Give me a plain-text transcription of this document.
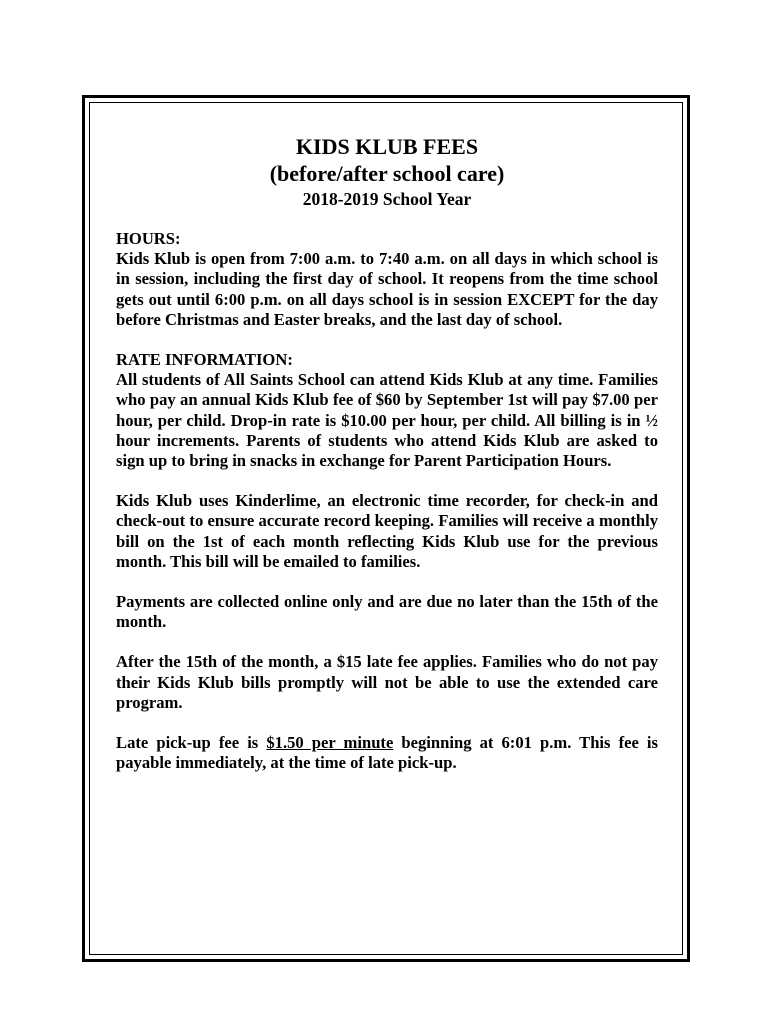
KIDS KLUB FEES

(before/after school care)

2018-2019 School Year

HOURS:

Kids Klub is open from 7:00 a.m. to 7:40 a.m. on all days in which school is in session, including the first day of school. It reopens from the time school gets out until 6:00 p.m. on all days school is in session EXCEPT for the day before Christmas and Easter breaks, and the last day of school.

RATE INFORMATION:

All students of All Saints School can attend Kids Klub at any time. Families who pay an annual Kids Klub fee of $60 by September 1st will pay $7.00 per hour, per child. Drop-in rate is $10.00 per hour, per child. All billing is in ½ hour increments. Parents of students who attend Kids Klub are asked to sign up to bring in snacks in exchange for Parent Participation Hours.

Kids Klub uses Kinderlime, an electronic time recorder, for check-in and check-out to ensure accurate record keeping. Families will receive a monthly bill on the 1st of each month reflecting Kids Klub use for the previous month. This bill will be emailed to families.

Payments are collected online only and are due no later than the 15th of the month.

After the 15th of the month, a $15 late fee applies. Families who do not pay their Kids Klub bills promptly will not be able to use the extended care program.

Late pick-up fee is $1.50 per minute beginning at 6:01 p.m. This fee is payable immediately, at the time of late pick-up.
